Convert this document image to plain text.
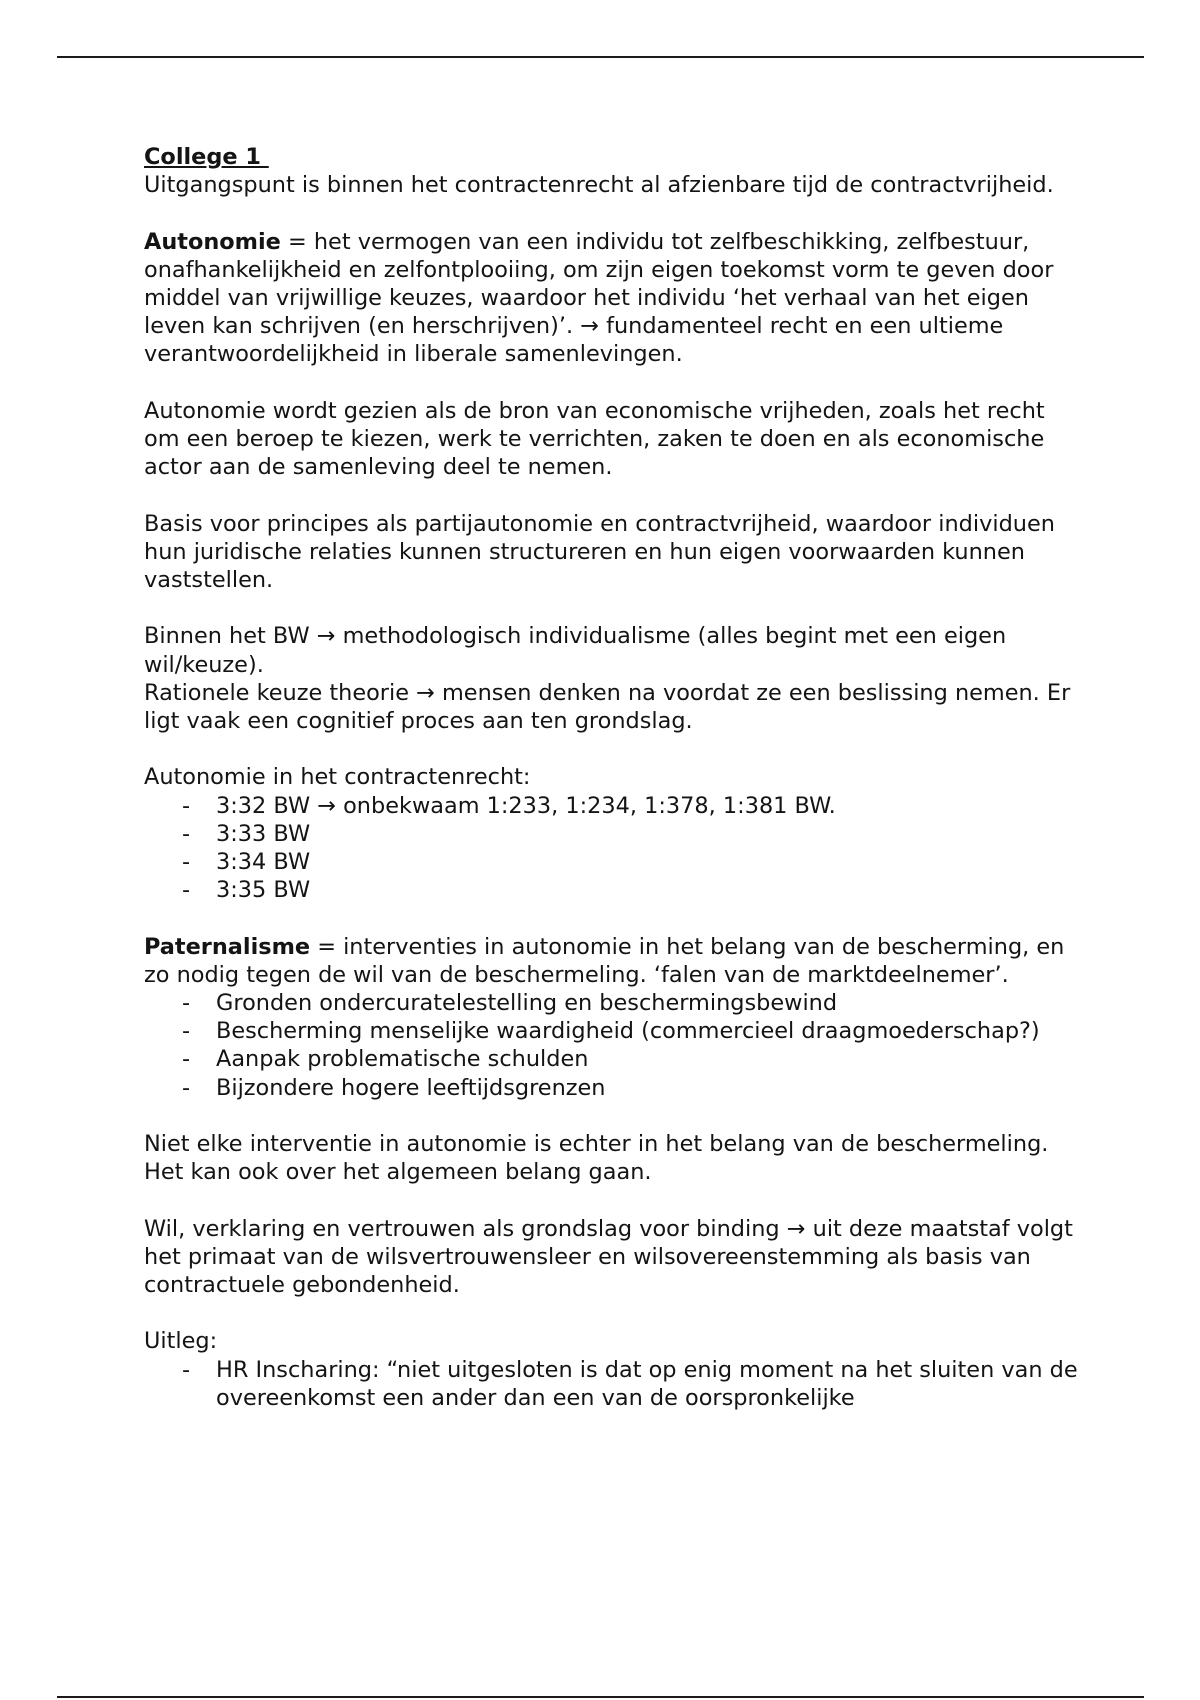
College 1

Uitgangspunt is binnen het contractenrecht al afzienbare tijd de contractvrijheid.

Autonomie = het vermogen van een individu tot zelfbeschikking, zelfbestuur, onafhankelijkheid en zelfontplooiing, om zijn eigen toekomst vorm te geven door middel van vrijwillige keuzes, waardoor het individu ‘het verhaal van het eigen leven kan schrijven (en herschrijven)’. → fundamenteel recht en een ultieme verantwoordelijkheid in liberale samenlevingen.

Autonomie wordt gezien als de bron van economische vrijheden, zoals het recht om een beroep te kiezen, werk te verrichten, zaken te doen en als economische actor aan de samenleving deel te nemen.

Basis voor principes als partijautonomie en contractvrijheid, waardoor individuen hun juridische relaties kunnen structureren en hun eigen voorwaarden kunnen vaststellen.

Binnen het BW → methodologisch individualisme (alles begint met een eigen wil/keuze).

Rationele keuze theorie → mensen denken na voordat ze een beslissing nemen. Er ligt vaak een cognitief proces aan ten grondslag.

Autonomie in het contractenrecht:

- 3:32 BW → onbekwaam 1:233, 1:234, 1:378, 1:381 BW.
- 3:33 BW
- 3:34 BW
- 3:35 BW

Paternalisme = interventies in autonomie in het belang van de bescherming, en zo nodig tegen de wil van de beschermeling. ‘falen van de marktdeelnemer’.

- Gronden ondercuratelestelling en beschermingsbewind
- Bescherming menselijke waardigheid (commercieel draagmoederschap?)
- Aanpak problematische schulden
- Bijzondere hogere leeftijdsgrenzen

Niet elke interventie in autonomie is echter in het belang van de beschermeling. Het kan ook over het algemeen belang gaan.

Wil, verklaring en vertrouwen als grondslag voor binding → uit deze maatstaf volgt het primaat van de wilsvertrouwensleer en wilsovereenstemming als basis van contractuele gebondenheid.

Uitleg:

- HR Inscharing: “niet uitgesloten is dat op enig moment na het sluiten van de overeenkomst een ander dan een van de oorspronkelijke
